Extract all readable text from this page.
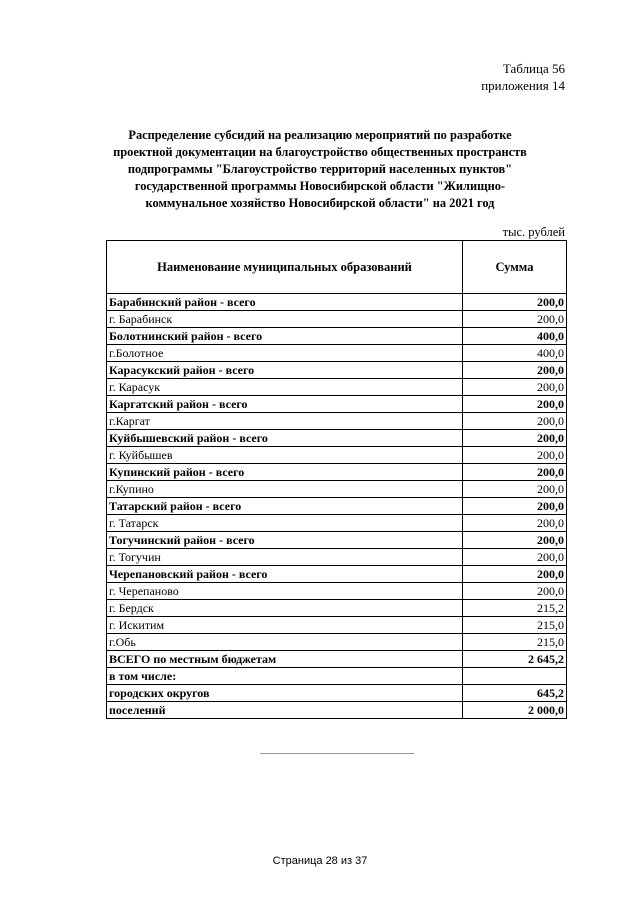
Таблица 56
приложения 14
Распределение субсидий на реализацию мероприятий по разработке
проектной документации на благоустройство общественных пространств
подпрограммы "Благоустройство территорий населенных пунктов"
государственной программы Новосибирской области "Жилищно-
коммунальное хозяйство Новосибирской области" на 2021 год
тыс. рублей
Наименование муниципальных образований	Сумма
Барабинский район - всего	200,0
г. Барабинск	200,0
Болотнинский район - всего	400,0
г.Болотное	400,0
Карасукский район - всего	200,0
г. Карасук	200,0
Каргатский район - всего	200,0
г.Каргат	200,0
Куйбышевский район - всего	200,0
г. Куйбышев	200,0
Купинский район - всего	200,0
г.Купино	200,0
Татарский район - всего	200,0
г. Татарск	200,0
Тогучинский район - всего	200,0
г. Тогучин	200,0
Черепановский район - всего	200,0
г. Черепаново	200,0
г. Бердск	215,2
г. Искитим	215,0
г.Обь	215,0
ВСЕГО по местным бюджетам	2 645,2
в том числе:	
городских округов	645,2
поселений	2 000,0
Страница 28 из 37
